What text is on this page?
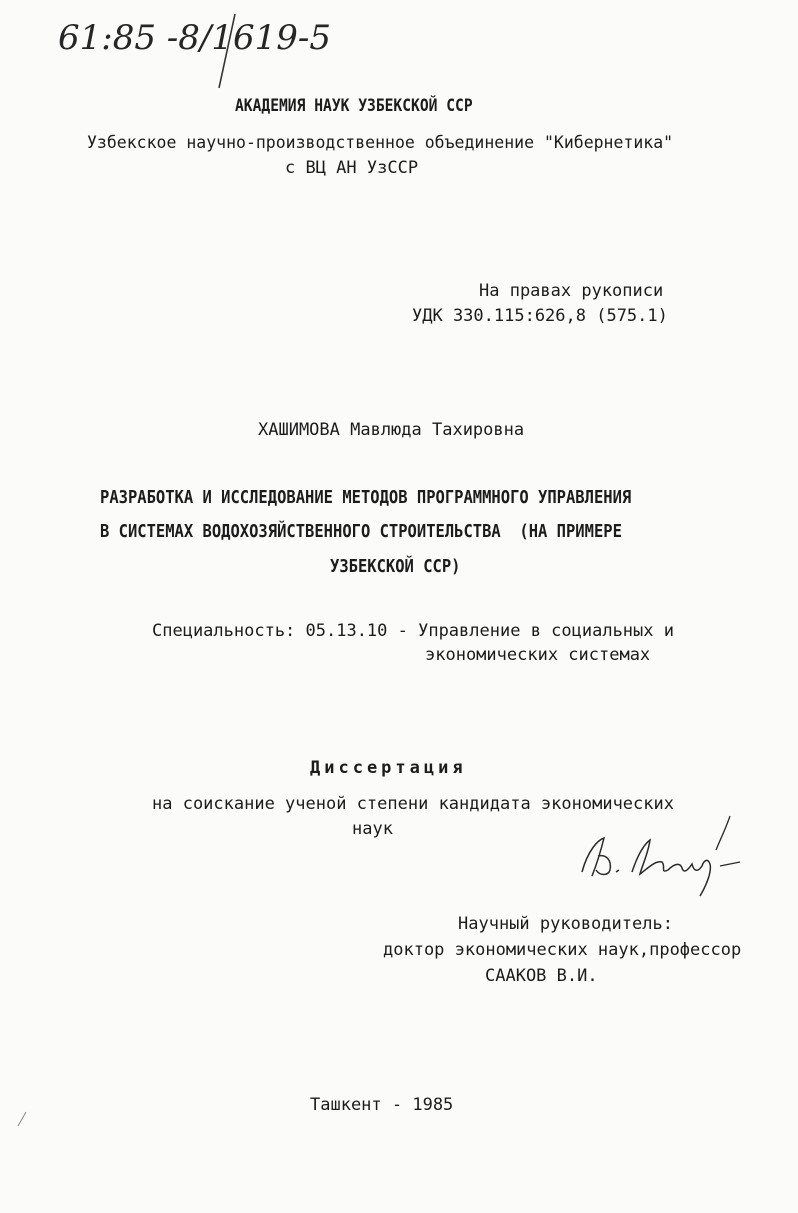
61:85 -8/1619-5
АКАДЕМИЯ НАУК УЗБЕКСКОЙ ССР
Узбекское научно-производственное объединение "Кибернетика"
с ВЦ АН УзССР
На правах рукописи
УДК 330.115:626,8 (575.1)
ХАШИМОВА Мавлюда Тахировна
РАЗРАБОТКА И ИССЛЕДОВАНИЕ МЕТОДОВ ПРОГРАММНОГО УПРАВЛЕНИЯ
В СИСТЕМАХ ВОДОХОЗЯЙСТВЕННОГО СТРОИТЕЛЬСТВА  (НА ПРИМЕРЕ
УЗБЕКСКОЙ ССР)
Специальность: 05.13.10 - Управление в социальных и
экономических системах
Диссертация
на соискание ученой степени кандидата экономических
наук
Научный руководитель:
доктор экономических наук,профессор
СААКОВ В.И.
Ташкент - 1985
